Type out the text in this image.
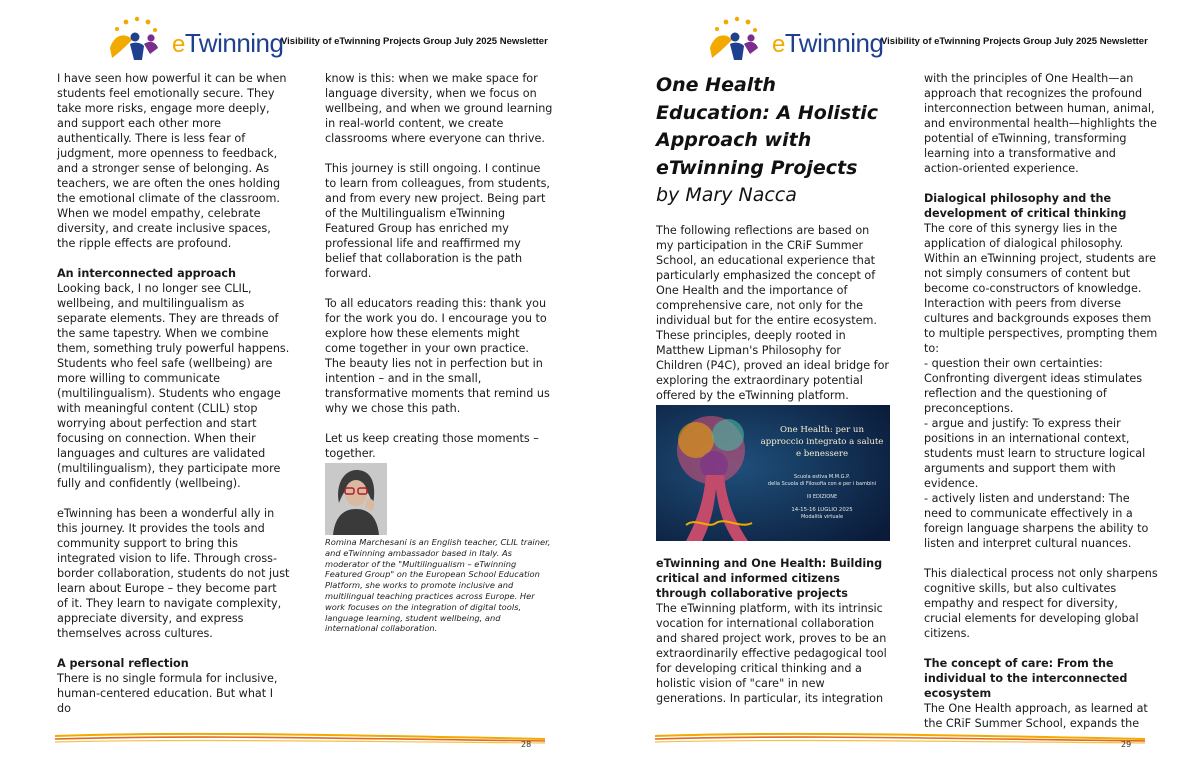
eTwinning
Visibility of eTwinning Projects Group July 2025 Newsletter

I have seen how powerful it can be when students feel emotionally secure. They take more risks, engage more deeply, and support each other more authentically. There is less fear of judgment, more openness to feedback, and a stronger sense of belonging. As teachers, we are often the ones holding the emotional climate of the classroom. When we model empathy, celebrate diversity, and create inclusive spaces, the ripple effects are profound.

An interconnected approach

Looking back, I no longer see CLIL, wellbeing, and multilingualism as separate elements. They are threads of the same tapestry. When we combine them, something truly powerful happens. Students who feel safe (wellbeing) are more willing to communicate (multilingualism). Students who engage with meaningful content (CLIL) stop worrying about perfection and start focusing on connection. When their languages and cultures are validated (multilingualism), they participate more fully and confidently (wellbeing).

eTwinning has been a wonderful ally in this journey. It provides the tools and community support to bring this integrated vision to life. Through cross-border collaboration, students do not just learn about Europe – they become part of it. They learn to navigate complexity, appreciate diversity, and express themselves across cultures.

A personal reflection

There is no single formula for inclusive, human-centered education. But what I do

know is this: when we make space for language diversity, when we focus on wellbeing, and when we ground learning in real-world content, we create classrooms where everyone can thrive.

This journey is still ongoing. I continue to learn from colleagues, from students, and from every new project. Being part of the Multilingualism eTwinning Featured Group has enriched my professional life and reaffirmed my belief that collaboration is the path forward.

To all educators reading this: thank you for the work you do. I encourage you to explore how these elements might come together in your own practice. The beauty lies not in perfection but in intention – and in the small, transformative moments that remind us why we chose this path.

Let us keep creating those moments – together.

Romina Marchesani is an English teacher, CLIL trainer, and eTwinning ambassador based in Italy. As moderator of the "Multilingualism – eTwinning Featured Group" on the European School Education Platform, she works to promote inclusive and multilingual teaching practices across Europe. Her work focuses on the integration of digital tools, language learning, student wellbeing, and international collaboration.
28
eTwinning
Visibility of eTwinning Projects Group July 2025 Newsletter
One Health Education: A Holistic Approach with eTwinning Projects
by Mary Nacca

The following reflections are based on my participation in the CRiF Summer School, an educational experience that particularly emphasized the concept of One Health and the importance of comprehensive care, not only for the individual but for the entire ecosystem. These principles, deeply rooted in Matthew Lipman's Philosophy for Children (P4C), proved an ideal bridge for exploring the extraordinary potential offered by the eTwinning platform.

One Health: per un approccio integrato a salute e benessere
Scuola estiva M.M.G.P.
della Scuola di Filosofia con e per i bambini
III EDIZIONE
14-15-16 LUGLIO 2025
Modalità virtuale
eTwinning and One Health: Building critical and informed citizens through collaborative projects

The eTwinning platform, with its intrinsic vocation for international collaboration and shared project work, proves to be an extraordinarily effective pedagogical tool for developing critical thinking and a holistic vision of "care" in new generations. In particular, its integration

with the principles of One Health—an approach that recognizes the profound interconnection between human, animal, and environmental health—highlights the potential of eTwinning, transforming learning into a transformative and action-oriented experience.

Dialogical philosophy and the development of critical thinking

The core of this synergy lies in the application of dialogical philosophy. Within an eTwinning project, students are not simply consumers of content but become co-constructors of knowledge. Interaction with peers from diverse cultures and backgrounds exposes them to multiple perspectives, prompting them to:

- question their own certainties: Confronting divergent ideas stimulates reflection and the questioning of preconceptions.

- argue and justify: To express their positions in an international context, students must learn to structure logical arguments and support them with evidence.

- actively listen and understand: The need to communicate effectively in a foreign language sharpens the ability to listen and interpret cultural nuances.

This dialectical process not only sharpens cognitive skills, but also cultivates empathy and respect for diversity, crucial elements for developing global citizens.

The concept of care: From the individual to the interconnected ecosystem

The One Health approach, as learned at the CRiF Summer School, expands the

29
